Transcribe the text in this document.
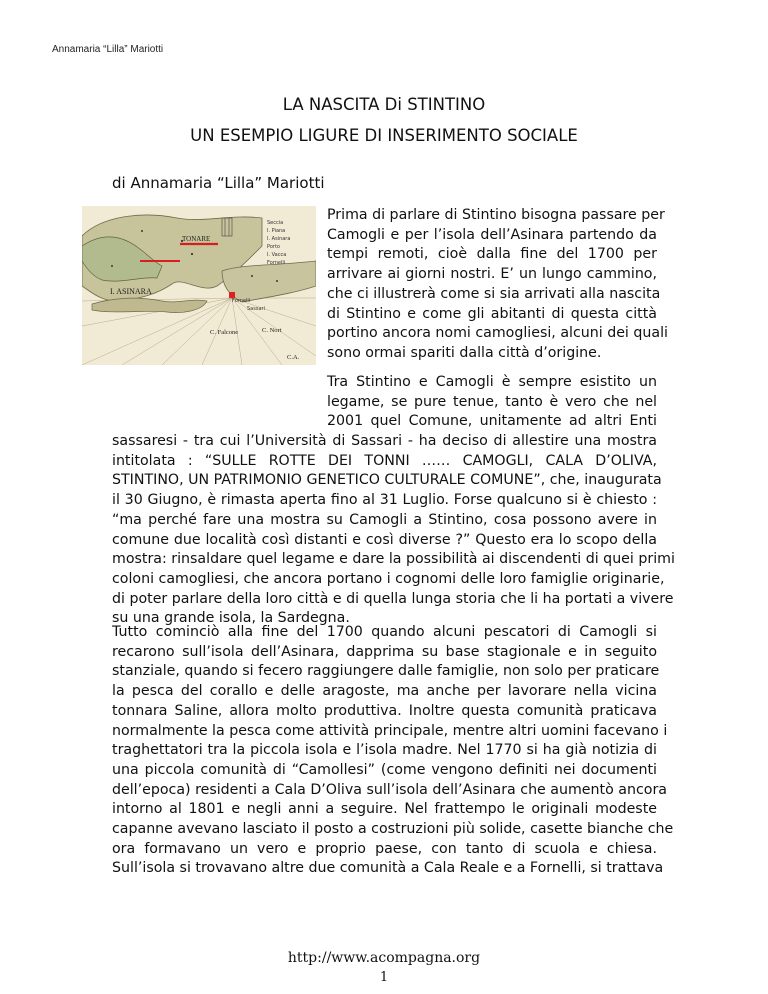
Annamaria “Lilla” Mariotti
LA NASCITA Di STINTINO
UN ESEMPIO LIGURE DI INSERIMENTO SOCIALE
di Annamaria “Lilla” Mariotti
Seccia
I. Piana
I. Asinara
Porto
I. Vacca
Fornelli
Fornelli
Sassari
TONARE
I. ASINARA
C. Falcone	C. Nort
C.A.
Prima di parlare di Stintino bisogna passare per
Camogli e per l’isola dell’Asinara partendo da
tempi remoti, cioè dalla fine del 1700 per
arrivare ai giorni nostri. E’ un lungo cammino,
che ci illustrerà come si sia arrivati alla nascita
di Stintino e come gli abitanti di questa città
portino ancora nomi camogliesi, alcuni dei quali
sono ormai spariti dalla città d’origine.
Tra Stintino e Camogli è sempre esistito un
legame, se pure tenue, tanto è vero che nel
2001 quel Comune, unitamente ad altri Enti
sassaresi - tra cui l’Università di Sassari - ha deciso di allestire una mostra
intitolata : “SULLE ROTTE DEI TONNI …… CAMOGLI, CALA D’OLIVA,
STINTINO, UN PATRIMONIO GENETICO CULTURALE COMUNE”, che, inaugurata
il 30 Giugno, è rimasta aperta fino al 31 Luglio. Forse qualcuno si è chiesto :
“ma perché fare una mostra su Camogli a Stintino, cosa possono avere in
comune due località così distanti e così diverse ?” Questo era lo scopo della
mostra: rinsaldare quel legame e dare la possibilità ai discendenti di quei primi
coloni camogliesi, che ancora portano i cognomi delle loro famiglie originarie,
di poter parlare della loro città e di quella lunga storia che li ha portati a vivere
su una grande isola, la Sardegna.
Tutto cominciò alla fine del 1700 quando alcuni pescatori di Camogli si
recarono sull’isola dell’Asinara, dapprima su base stagionale e in seguito
stanziale, quando si fecero raggiungere dalle famiglie, non solo per praticare
la pesca del corallo e delle aragoste, ma anche per lavorare nella vicina
tonnara Saline, allora molto produttiva. Inoltre questa comunità praticava
normalmente la pesca come attività principale, mentre altri uomini facevano i
traghettatori tra la piccola isola e l’isola madre. Nel 1770 si ha già notizia di
una piccola comunità di “Camollesi” (come vengono definiti nei documenti
dell’epoca) residenti a Cala D’Oliva sull’isola dell’Asinara che aumentò ancora
intorno al 1801 e negli anni a seguire. Nel frattempo le originali modeste
capanne avevano lasciato il posto a costruzioni più solide, casette bianche che
ora formavano un vero e proprio paese, con tanto di scuola e chiesa.
Sull’isola si trovavano altre due comunità a Cala Reale e a Fornelli, si trattava
http://www.acompagna.org
1
